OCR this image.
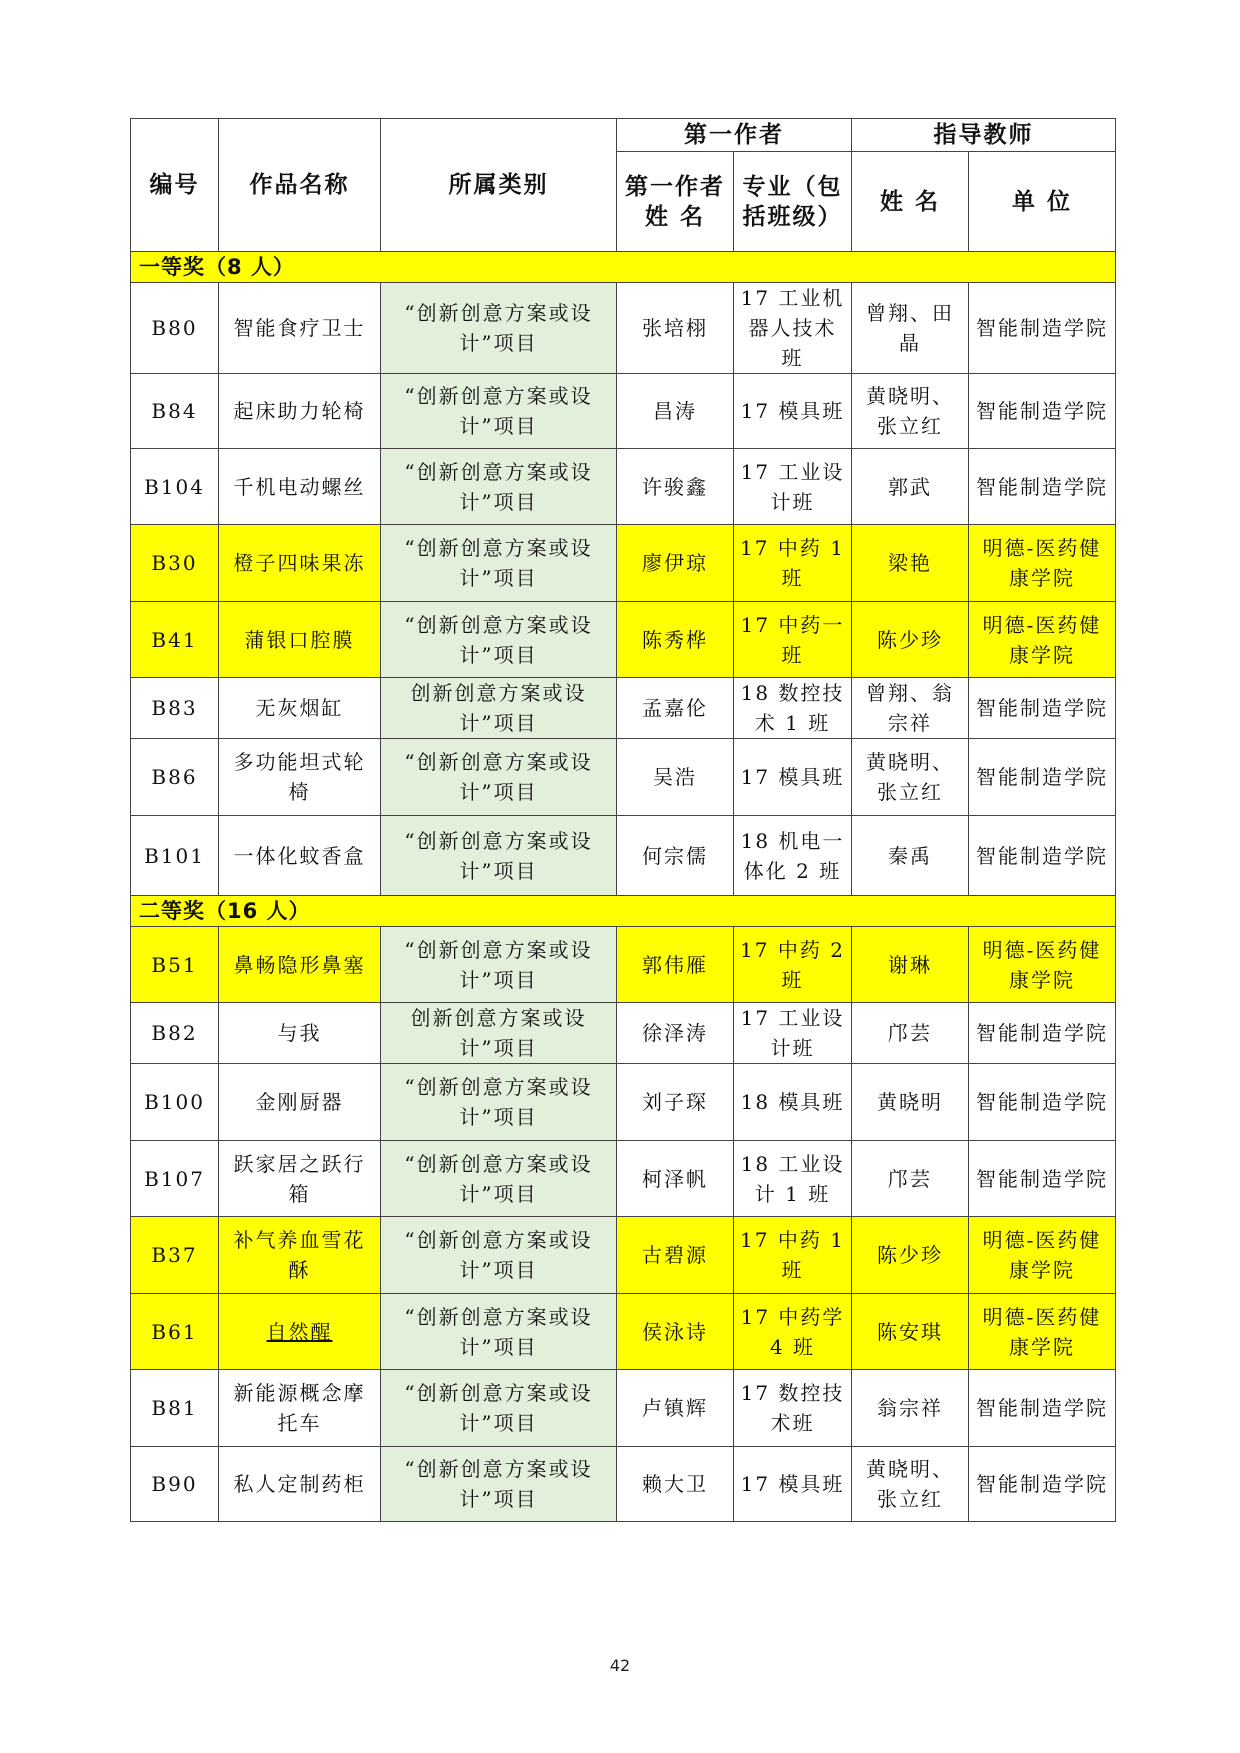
编号	作品名称	所属类别	第一作者		指导教师	
			第一作者姓 名	专业（包括班级）	姓 名	单 位
一等奖（8 人）						
B80	智能食疗卫士	“创新创意方案或设计”项目	张培栩	17 工业机器人技术班	曾翔、田晶	智能制造学院
B84	起床助力轮椅	“创新创意方案或设计”项目	昌涛	17 模具班	黄晓明、张立红	智能制造学院
B104	千机电动螺丝	“创新创意方案或设计”项目	许骏鑫	17 工业设计班	郭武	智能制造学院
B30	橙子四味果冻	“创新创意方案或设计”项目	廖伊琼	17 中药 1 班	梁艳	明德-医药健康学院
B41	蒲银口腔膜	“创新创意方案或设计”项目	陈秀桦	17 中药一班	陈少珍	明德-医药健康学院
B83	无灰烟缸	创新创意方案或设计”项目	孟嘉伦	18 数控技术 1 班	曾翔、翁宗祥	智能制造学院
B86	多功能坦式轮椅	“创新创意方案或设计”项目	吴浩	17 模具班	黄晓明、张立红	智能制造学院
B101	一体化蚊香盒	“创新创意方案或设计”项目	何宗儒	18 机电一体化 2 班	秦禹	智能制造学院
二等奖（16 人）						
B51	鼻畅隐形鼻塞	“创新创意方案或设计”项目	郭伟雁	17 中药 2 班	谢琳	明德-医药健康学院
B82	与我	创新创意方案或设计”项目	徐泽涛	17 工业设计班	邝芸	智能制造学院
B100	金刚厨器	“创新创意方案或设计”项目	刘子琛	18 模具班	黄晓明	智能制造学院
B107	跃家居之跃行箱	“创新创意方案或设计”项目	柯泽帆	18 工业设计 1 班	邝芸	智能制造学院
B37	补气养血雪花酥	“创新创意方案或设计”项目	古碧源	17 中药 1 班	陈少珍	明德-医药健康学院
B61	自然醒	“创新创意方案或设计”项目	侯泳诗	17 中药学 4 班	陈安琪	明德-医药健康学院
B81	新能源概念摩托车	“创新创意方案或设计”项目	卢镇辉	17 数控技术班	翁宗祥	智能制造学院
B90	私人定制药柜	“创新创意方案或设计”项目	赖大卫	17 模具班	黄晓明、张立红	智能制造学院
42
